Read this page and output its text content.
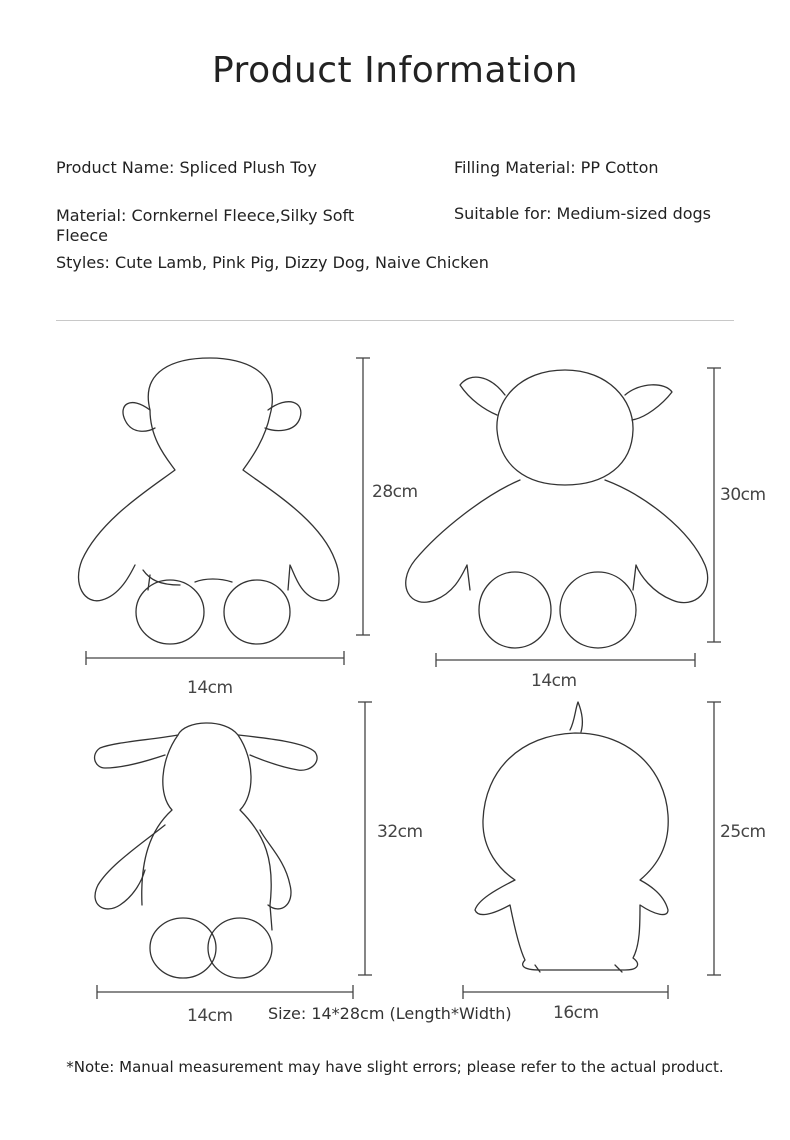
Product Information
Product Name: Spliced Plush Toy	Filling Material: PP Cotton
Material: Cornkernel Fleece,Silky Soft
Fleece
Suitable for: Medium-sized dogs
Styles: Cute Lamb, Pink Pig, Dizzy Dog, Naive Chicken
28cm
14cm
30cm
14cm
32cm
14cm
25cm
16cm
Size: 14*28cm (Length*Width)
*Note: Manual measurement may have slight errors; please refer to the actual product.
